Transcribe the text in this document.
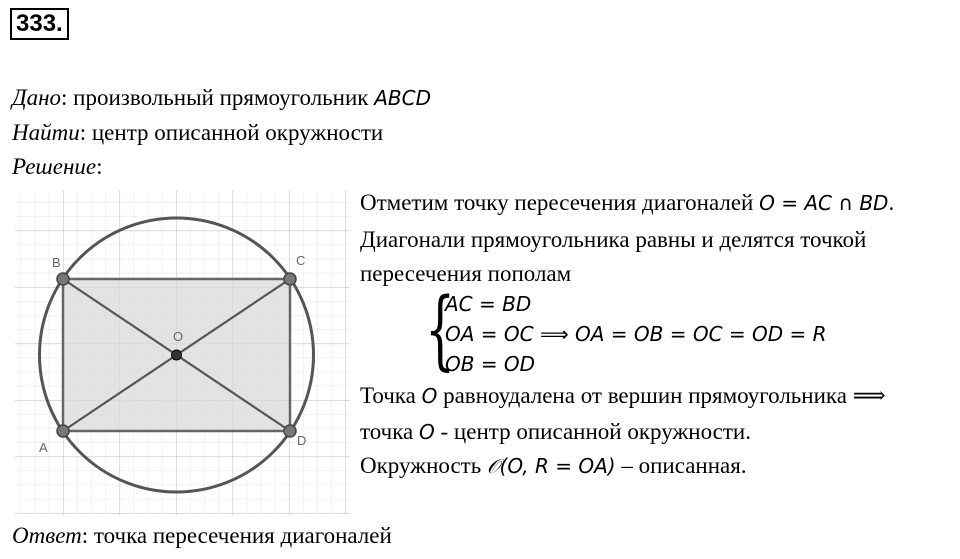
333.
Дано: произвольный прямоугольник ABCD
Найти: центр описанной окружности
Решение:
A
B	C
D
O
Отметим точку пересечения диагоналей O = AC ∩ BD.
Диагонали прямоугольника равны и делятся точкой
пересечения пополам
{
AC = BD
OA = OC ⟹ OA = OB = OC = OD = R
OB = OD
Точка O равноудалена от вершин прямоугольника ⟹
точка O - центр описанной окружности.
Окружность 𝒪(O, R = OA) – описанная.
Ответ: точка пересечения диагоналей
